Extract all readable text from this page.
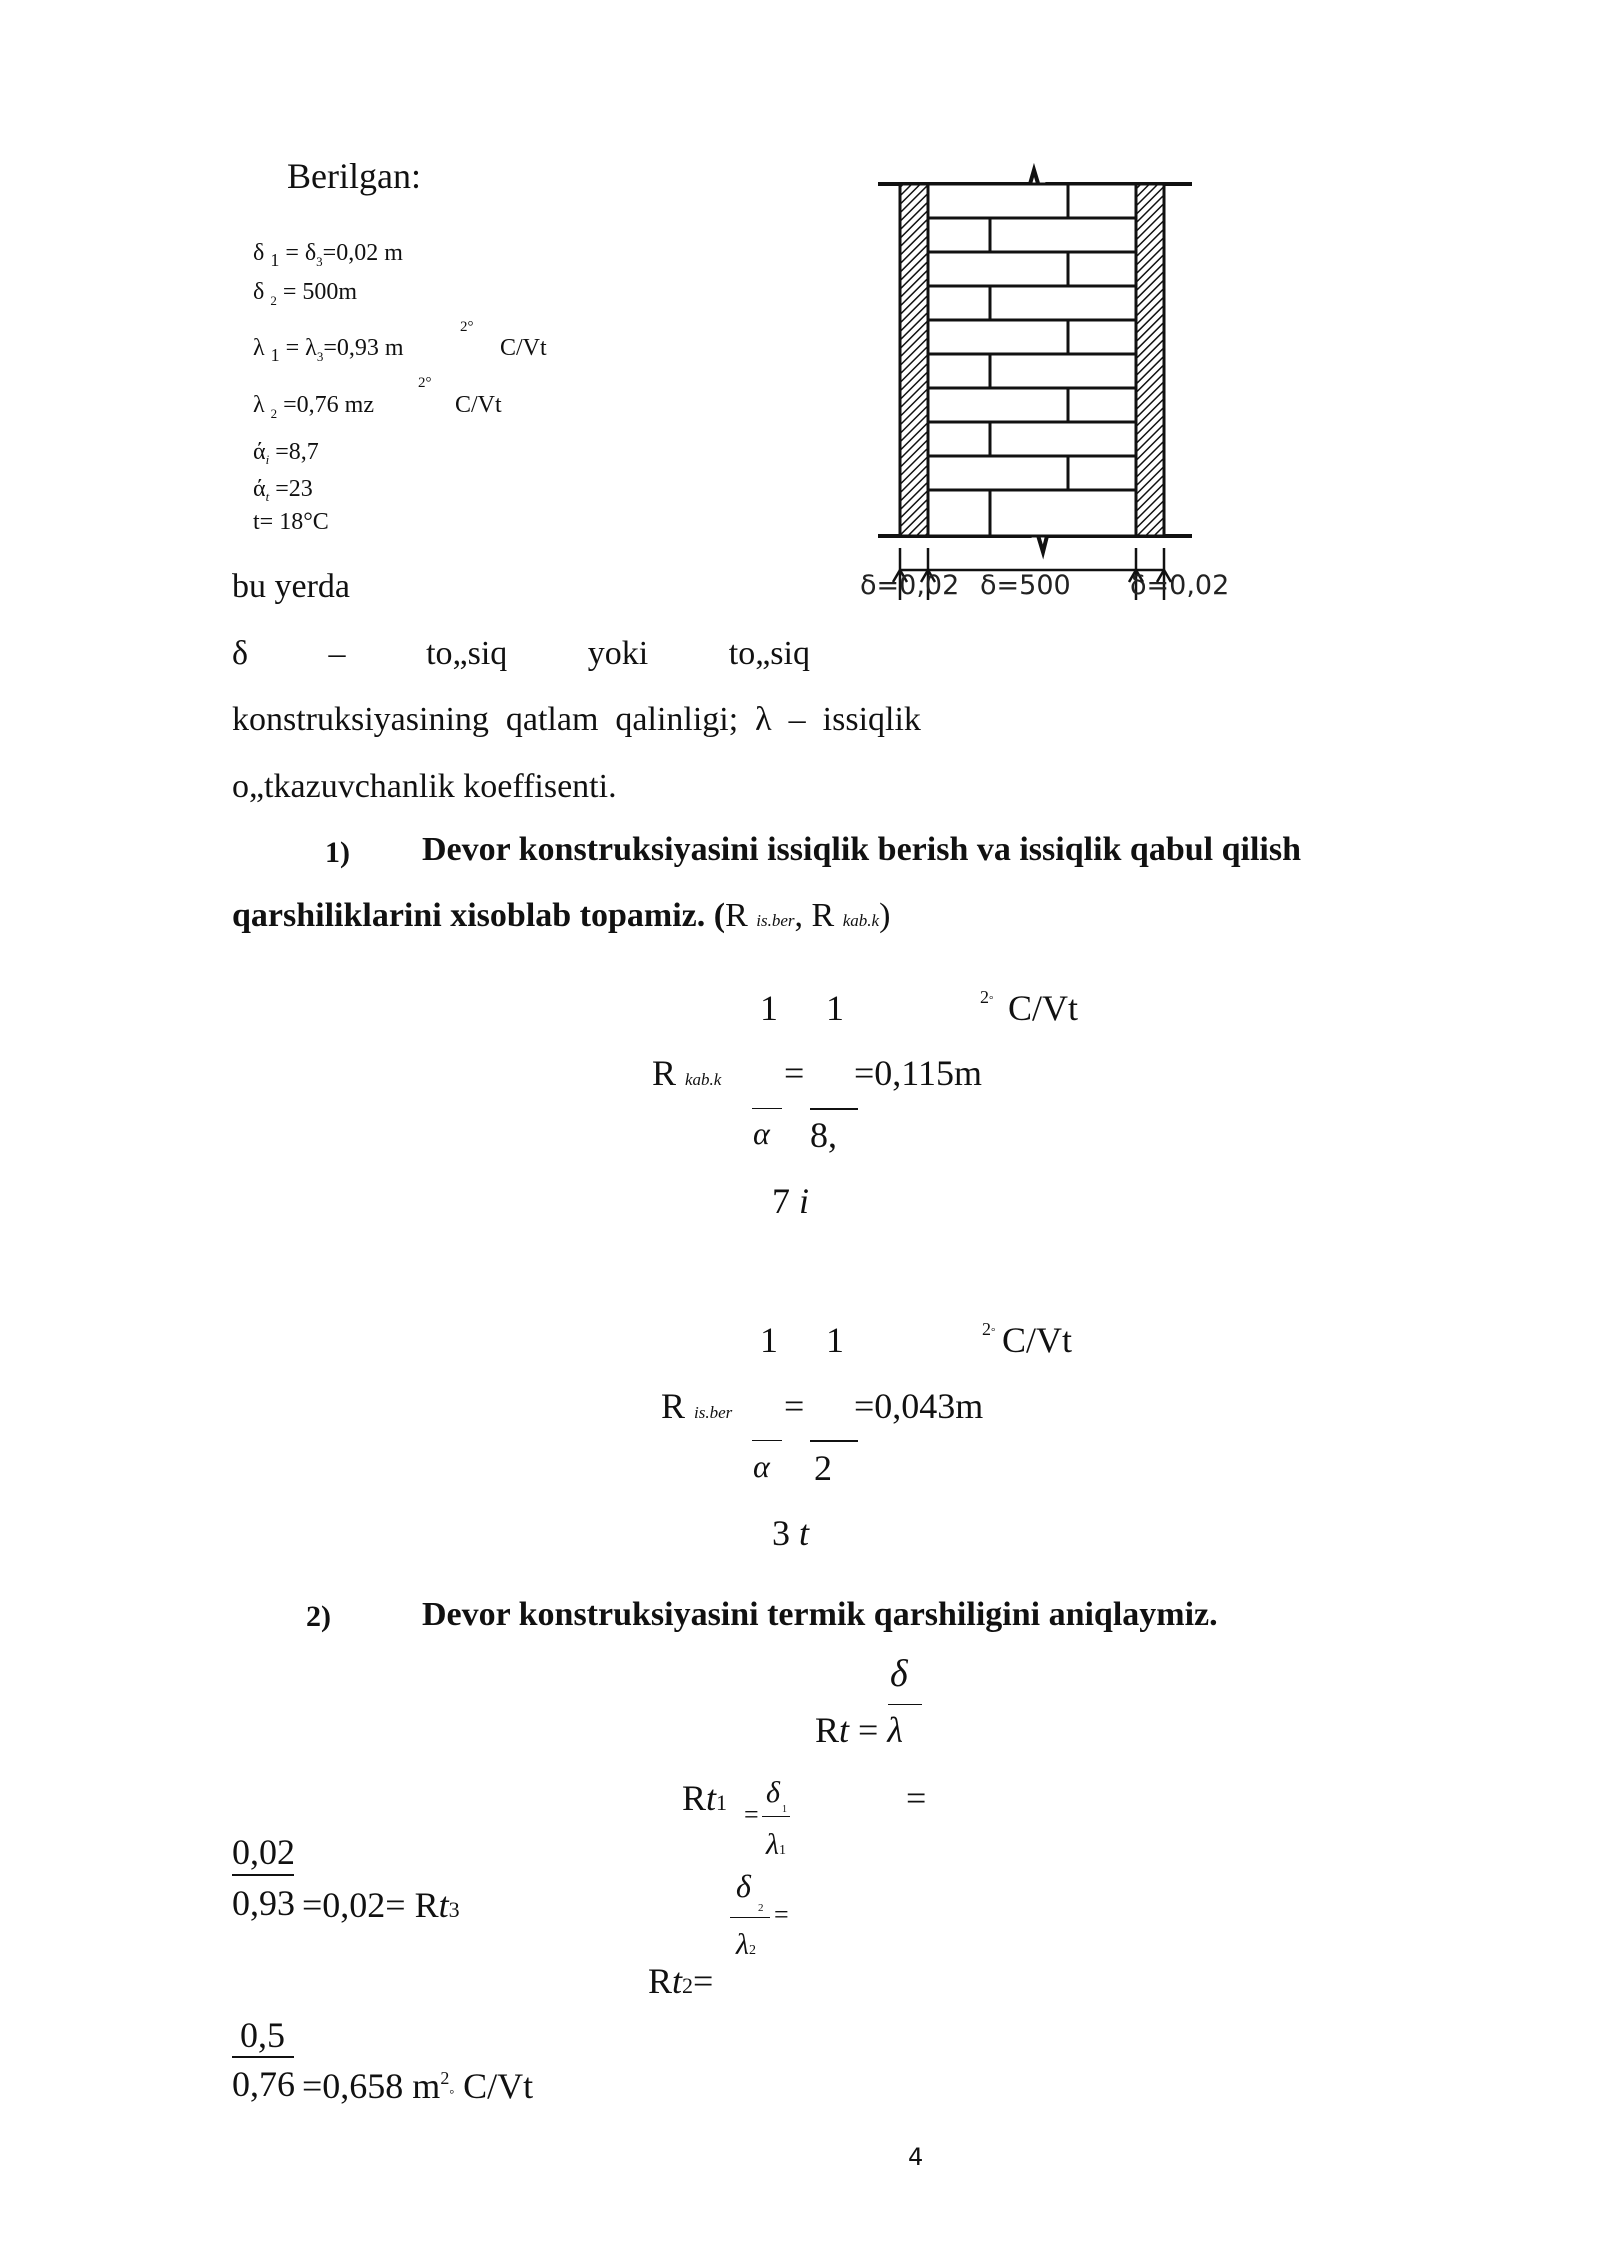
Berilgan:
δ $_1 = \delta_3=0,02$ m
δ $_2$ = 500m
λ $_1 = \lambda_3=0,93$ m
2°
C/Vt
λ $_2$ =0,76 mz
2°
C/Vt
$ά_i =8,7$
$ά_t =23$
t= 18°C
δ=0,02 δ=500 δ=0,02
bu yerda
δ – to„siq yoki to„siq
konstruksiyasining  qatlam  qalinligi;  λ  –  issiqlik
o„tkazuvchanlik koeffisenti.
1) Devor konstruksiyasini issiqlik berish va issiqlik qabul qilish
qarshiliklarini xisoblab topamiz. (R is.ber, R kab.k)
1 1	2° C/Vt
R kab.k = =0,115m
α 8,
7 i
1 1	2° C/Vt
R is.ber = =0,043m
α 2
3 t
2)	Devor konstruksiyasini termik qarshiligini aniqlaymiz.
δ
Rt = λ
Rt1 δ
1
=
λ1
=
0,02
0,93 =0,02= Rt3
δ
2 =
λ2
Rt2=
0,5
0,76 =0,658 $m^2^\circ$ C/Vt
4
